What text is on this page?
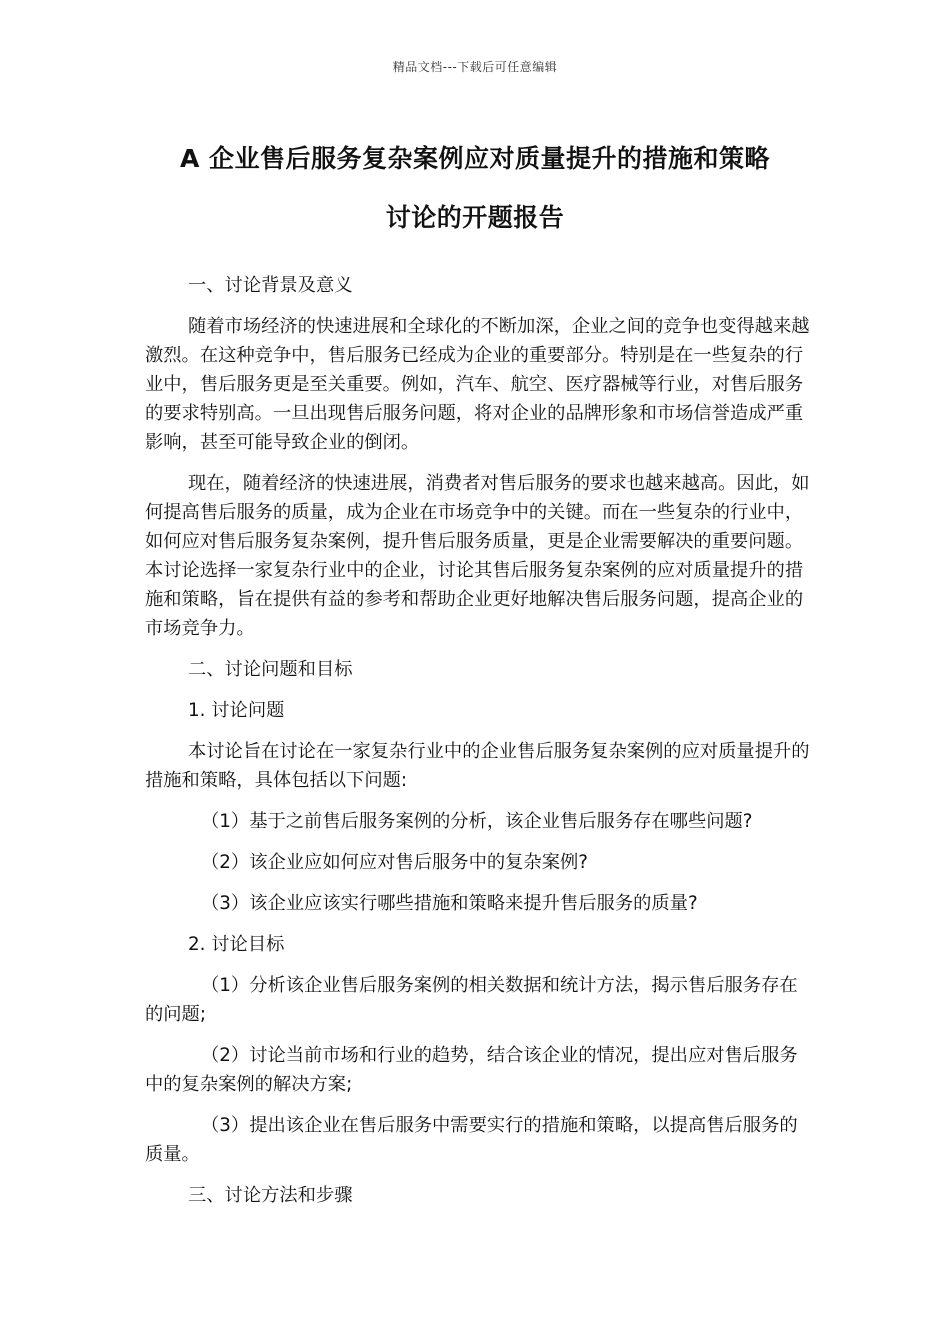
精品文档---下载后可任意编辑
A 企业售后服务复杂案例应对质量提升的措施和策略
讨论的开题报告

一、讨论背景及意义

随着市场经济的快速进展和全球化的不断加深，企业之间的竞争也变得越来越激烈。在这种竞争中，售后服务已经成为企业的重要部分。特别是在一些复杂的行业中，售后服务更是至关重要。例如，汽车、航空、医疗器械等行业，对售后服务的要求特别高。一旦出现售后服务问题，将对企业的品牌形象和市场信誉造成严重影响，甚至可能导致企业的倒闭。

现在，随着经济的快速进展，消费者对售后服务的要求也越来越高。因此，如何提高售后服务的质量，成为企业在市场竞争中的关键。而在一些复杂的行业中，如何应对售后服务复杂案例，提升售后服务质量，更是企业需要解决的重要问题。本讨论选择一家复杂行业中的企业，讨论其售后服务复杂案例的应对质量提升的措施和策略，旨在提供有益的参考和帮助企业更好地解决售后服务问题，提高企业的市场竞争力。

二、讨论问题和目标

1. 讨论问题

本讨论旨在讨论在一家复杂行业中的企业售后服务复杂案例的应对质量提升的措施和策略，具体包括以下问题:

（1）基于之前售后服务案例的分析，该企业售后服务存在哪些问题?

（2）该企业应如何应对售后服务中的复杂案例?

（3）该企业应该实行哪些措施和策略来提升售后服务的质量?

2. 讨论目标

（1）分析该企业售后服务案例的相关数据和统计方法，揭示售后服务存在的问题;

（2）讨论当前市场和行业的趋势，结合该企业的情况，提出应对售后服务中的复杂案例的解决方案;

（3）提出该企业在售后服务中需要实行的措施和策略，以提高售后服务的质量。

三、讨论方法和步骤
